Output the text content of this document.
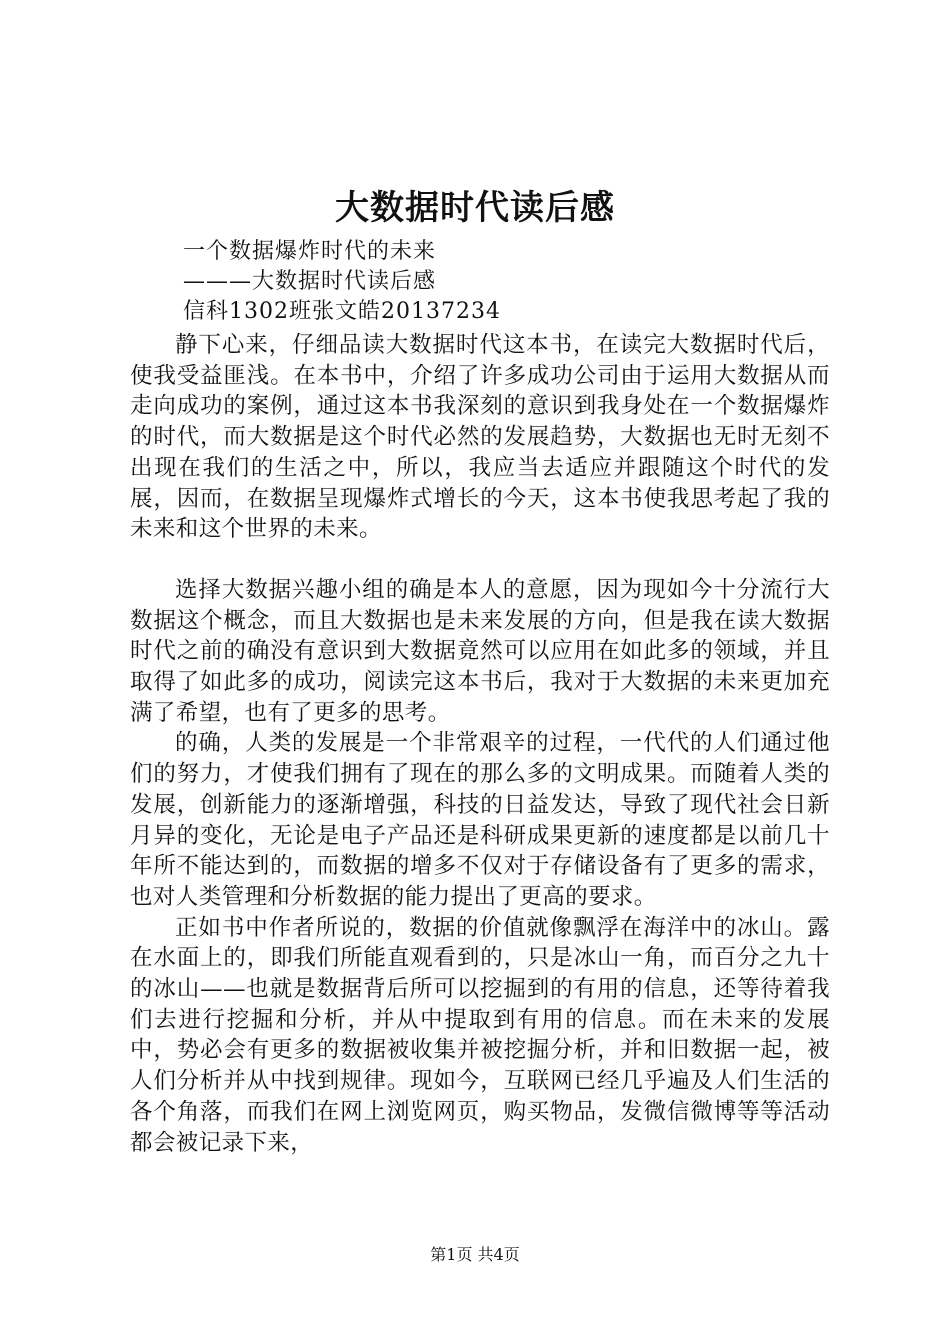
大数据时代读后感
一个数据爆炸时代的未来
———大数据时代读后感
信科1302班张文皓20137234

静下心来，仔细品读大数据时代这本书，在读完大数据时代后，使我受益匪浅。在本书中，介绍了许多成功公司由于运用大数据从而走向成功的案例，通过这本书我深刻的意识到我身处在一个数据爆炸的时代，而大数据是这个时代必然的发展趋势，大数据也无时无刻不出现在我们的生活之中，所以，我应当去适应并跟随这个时代的发展，因而，在数据呈现爆炸式增长的今天，这本书使我思考起了我的未来和这个世界的未来。

选择大数据兴趣小组的确是本人的意愿，因为现如今十分流行大数据这个概念，而且大数据也是未来发展的方向，但是我在读大数据时代之前的确没有意识到大数据竟然可以应用在如此多的领域，并且取得了如此多的成功，阅读完这本书后，我对于大数据的未来更加充满了希望，也有了更多的思考。

的确，人类的发展是一个非常艰辛的过程，一代代的人们通过他们的努力，才使我们拥有了现在的那么多的文明成果。而随着人类的发展，创新能力的逐渐增强，科技的日益发达，导致了现代社会日新月异的变化，无论是电子产品还是科研成果更新的速度都是以前几十年所不能达到的，而数据的增多不仅对于存储设备有了更多的需求，也对人类管理和分析数据的能力提出了更高的要求。

正如书中作者所说的，数据的价值就像飘浮在海洋中的冰山。露在水面上的，即我们所能直观看到的，只是冰山一角，而百分之九十的冰山——也就是数据背后所可以挖掘到的有用的信息，还等待着我们去进行挖掘和分析，并从中提取到有用的信息。而在未来的发展中，势必会有更多的数据被收集并被挖掘分析，并和旧数据一起，被人们分析并从中找到规律。现如今，互联网已经几乎遍及人们生活的各个角落，而我们在网上浏览网页，购买物品，发微信微博等等活动都会被记录下来，

第1页 共4页
